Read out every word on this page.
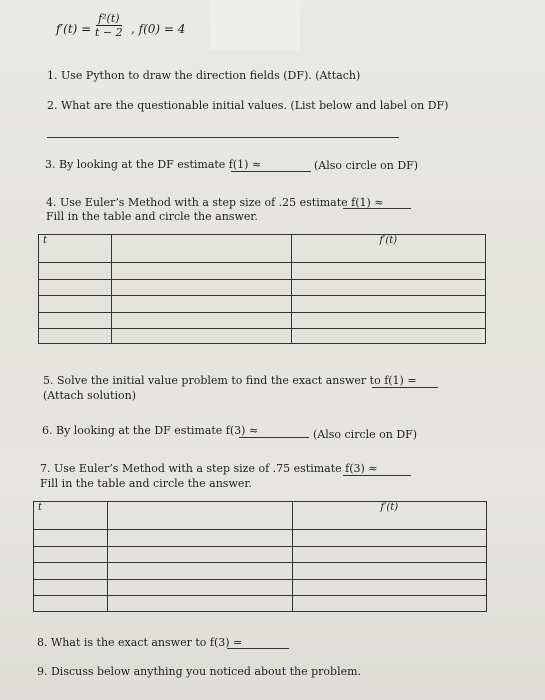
$f'(t) = \frac{\text{f²(t)}}{t - 2}$ , f(0) = 4
1. Use Python to draw the direction fields (DF). (Attach)
2. What are the questionable initial values. (List below and label on DF)
3. By looking at the DF estimate f(1) ≈	(Also circle on DF)
4. Use Euler’s Method with a step size of .25 estimate f(1) ≈
Fill in the table and circle the answer.
t		f′(t)

5. Solve the initial value problem to find the exact answer to f(1) =
(Attach solution)
6. By looking at the DF estimate f(3) ≈	(Also circle on DF)
7. Use Euler’s Method with a step size of .75 estimate f(3) ≈
Fill in the table and circle the answer.
t		f′(t)

8. What is the exact answer to f(3) =
9. Discuss below anything you noticed about the problem.
